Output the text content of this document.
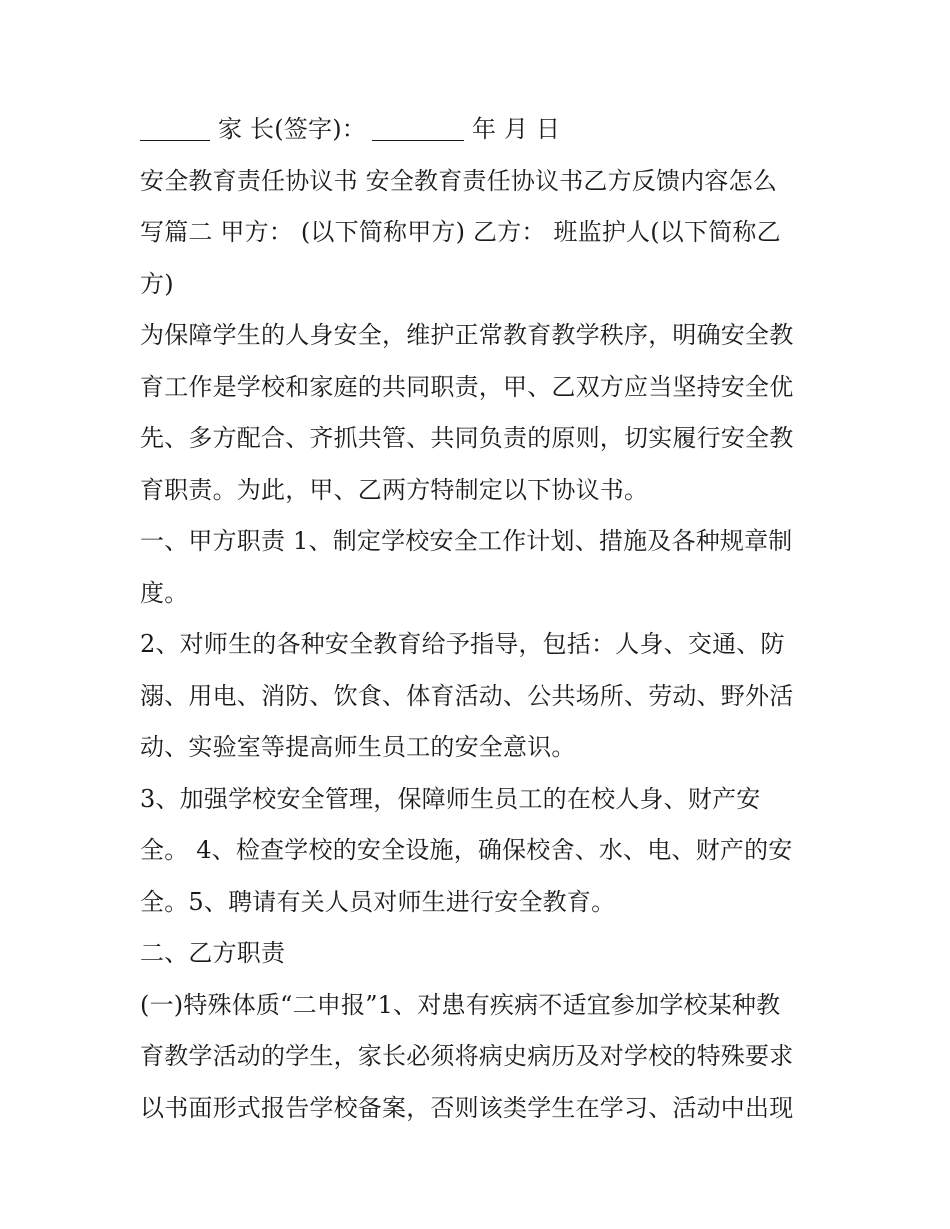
家 长(签字)：	年 月 日
安全教育责任协议书 安全教育责任协议书乙方反馈内容怎么
写篇二 甲方： (以下简称甲方) 乙方： 班监护人(以下简称乙
方)
为保障学生的人身安全，维护正常教育教学秩序，明确安全教
育工作是学校和家庭的共同职责，甲、乙双方应当坚持安全优
先、多方配合、齐抓共管、共同负责的原则，切实履行安全教
育职责。为此，甲、乙两方特制定以下协议书。
一、甲方职责 1、制定学校安全工作计划、措施及各种规章制
度。
2、对师生的各种安全教育给予指导，包括：人身、交通、防
溺、用电、消防、饮食、体育活动、公共场所、劳动、野外活
动、实验室等提高师生员工的安全意识。
3、加强学校安全管理，保障师生员工的在校人身、财产安
全。 4、检查学校的安全设施，确保校舍、水、电、财产的安
全。5、聘请有关人员对师生进行安全教育。
二、乙方职责
(一)特殊体质“二申报”1、对患有疾病不适宜参加学校某种教
育教学活动的学生，家长必须将病史病历及对学校的特殊要求
以书面形式报告学校备案，否则该类学生在学习、活动中出现
